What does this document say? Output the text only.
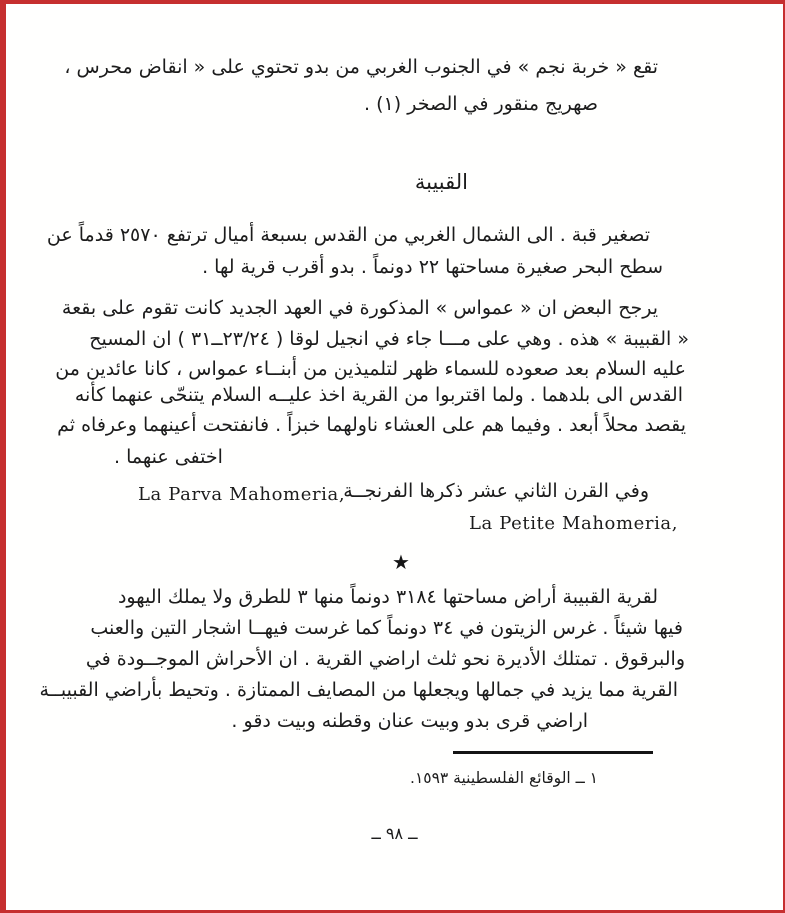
تقع « خربة نجم » في الجنوب الغربي من بدو تحتوي على « انقاض محرس ،
صهريج منقور في الصخر (١) .
القبيبة
تصغير قبة . الى الشمال الغربي من القدس بسبعة أميال ترتفع ٢٥٧٠ قدماً عن
سطح البحر صغيرة مساحتها ٢٢ دونماً . بدو أقرب قرية لها .
يرجح البعض ان « عمواس » المذكورة في العهد الجديد كانت تقوم على بقعة
« القبيبة » هذه . وهي على مـــا جاء في انجيل لوقا ( ٢٣/٢٤ــ٣١ ) ان المسيح
عليه السلام بعد صعوده للسماء ظهر لتلميذين من أبنــاء عمواس ، كانا عائدين من
القدس الى بلدهما . ولما اقتربوا من القرية اخذ عليــه السلام يتنحّى عنهما كأنه
يقصد محلاً أبعد . وفيما هم على العشاء ناولهما خبزاً . فانفتحت أعينهما وعرفاه ثم
اختفى عنهما .
وفي القرن الثاني عشر ذكرها الفرنجــة
La Parva Mahomeria,
La Petite Mahomeria,
★
لقرية القبيبة أراض مساحتها ٣١٨٤ دونماً منها ٣ للطرق ولا يملك اليهود
فيها شيئاً . غرس الزيتون في ٣٤ دونماً كما غرست فيهــا اشجار التين والعنب
والبرقوق . تمتلك الأديرة نحو ثلث اراضي القرية . ان الأحراش الموجــودة في
القرية مما يزيد في جمالها ويجعلها من المصايف الممتازة . وتحيط بأراضي القبيبــة
اراضي قرى بدو وبيت عنان وقطنه وبيت دقو .
١ ــ الوقائع الفلسطينية ١٥٩٣.
ــ ٩٨ ــ
